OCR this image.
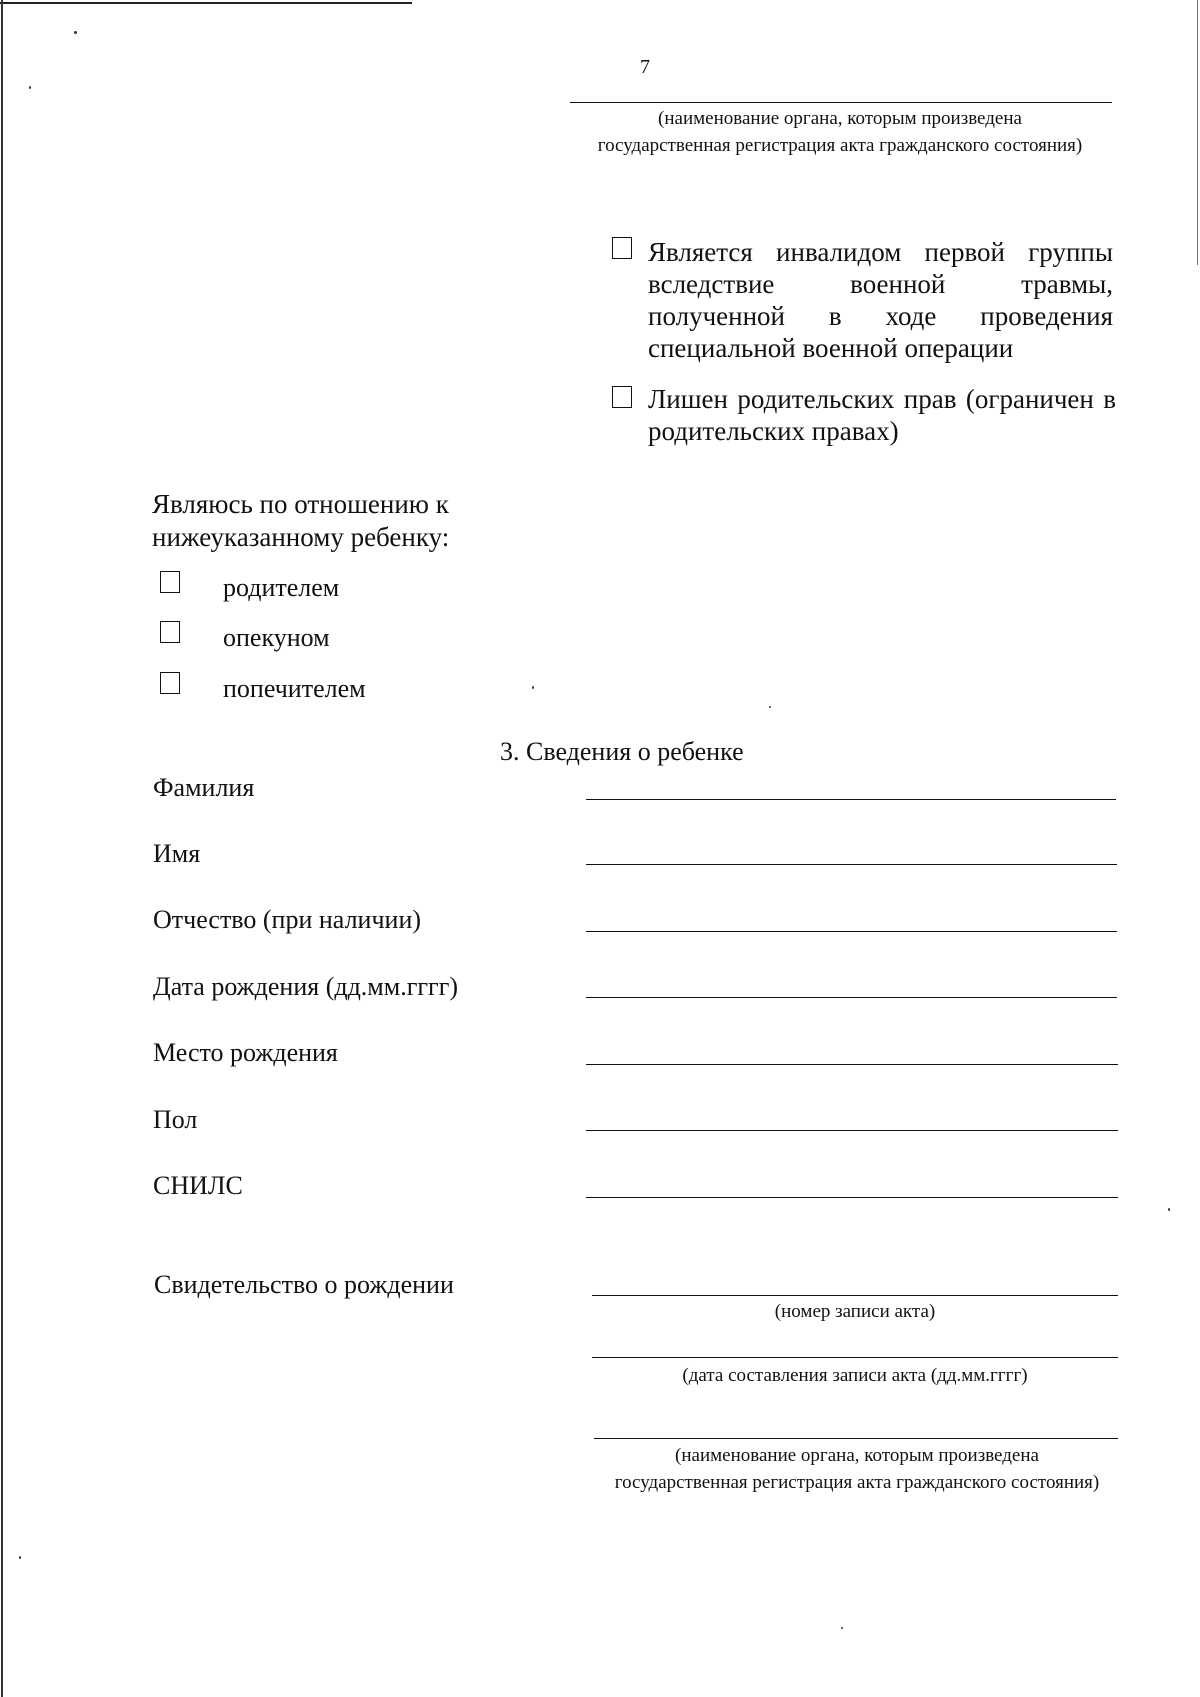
7
(наименование органа, которым произведена государственная регистрация акта гражданского состояния)
Является инвалидом первой группы вследствие военной травмы, полученной в ходе проведения специальной военной операции
Лишен родительских прав (ограничен в родительских правах)
Являюсь по отношению к нижеуказанному ребенку:
родителем
опекуном
попечителем
3. Сведения о ребенке
Фамилия
Имя
Отчество (при наличии)
Дата рождения (дд.мм.гггг)
Место рождения
Пол
СНИЛС
Свидетельство о рождении
(номер записи акта)
(дата составления записи акта (дд.мм.гггг)
(наименование органа, которым произведена государственная регистрация акта гражданского состояния)
